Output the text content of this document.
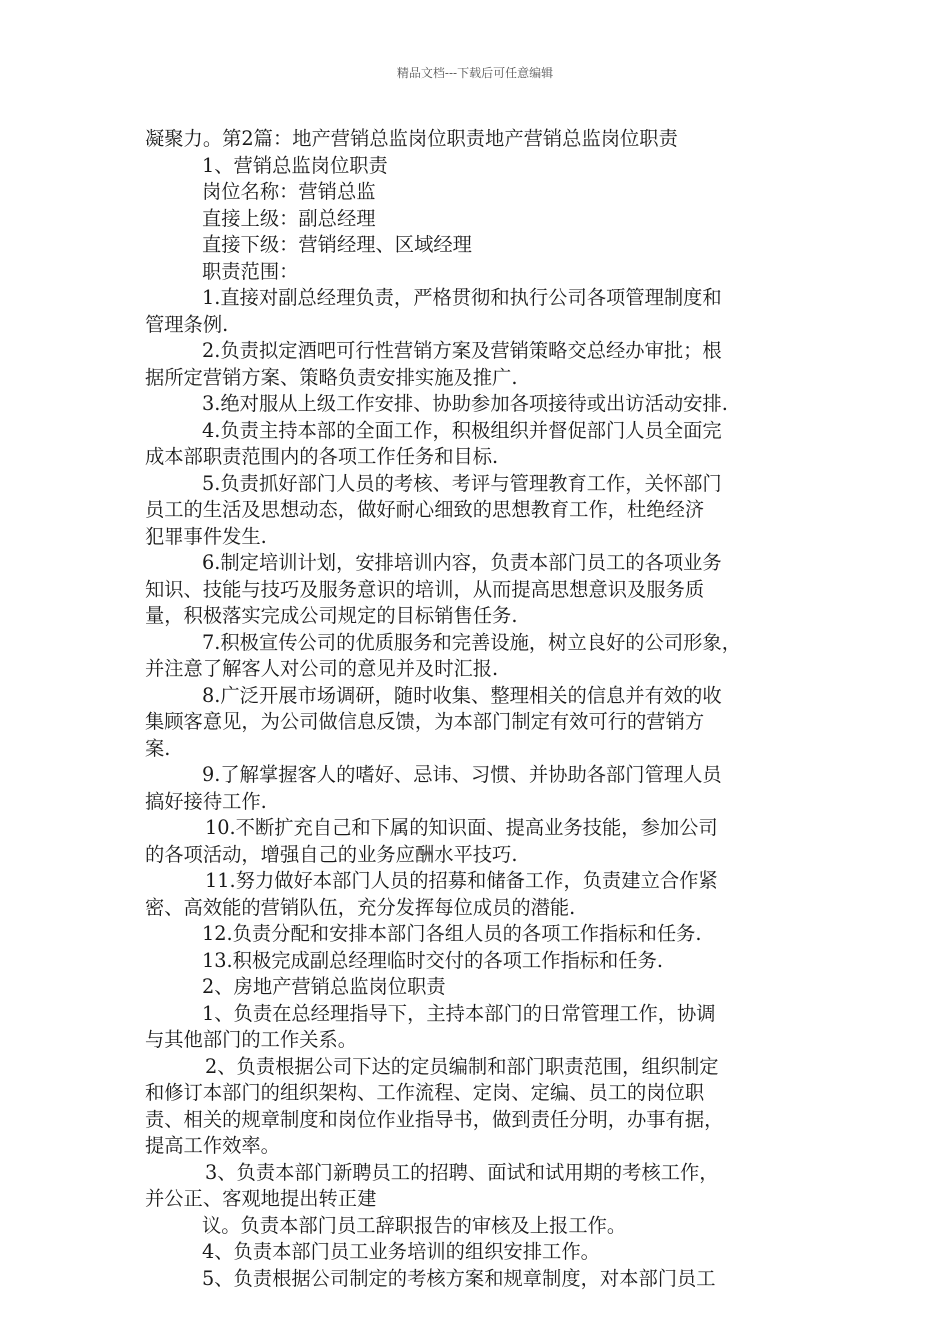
精品文档---下载后可任意编辑
凝聚力。第2篇：地产营销总监岗位职责地产营销总监岗位职责
1、营销总监岗位职责
岗位名称：营销总监
直接上级：副总经理
直接下级：营销经理、区域经理
职责范围：
1.直接对副总经理负责，严格贯彻和执行公司各项管理制度和
管理条例.
2.负责拟定酒吧可行性营销方案及营销策略交总经办审批；根
据所定营销方案、策略负责安排实施及推广.
3.绝对服从上级工作安排、协助参加各项接待或出访活动安排.
4.负责主持本部的全面工作，积极组织并督促部门人员全面完
成本部职责范围内的各项工作任务和目标.
5.负责抓好部门人员的考核、考评与管理教育工作，关怀部门
员工的生活及思想动态，做好耐心细致的思想教育工作，杜绝经济
犯罪事件发生.
6.制定培训计划，安排培训内容，负责本部门员工的各项业务
知识、技能与技巧及服务意识的培训，从而提高思想意识及服务质
量，积极落实完成公司规定的目标销售任务.
7.积极宣传公司的优质服务和完善设施，树立良好的公司形象，
并注意了解客人对公司的意见并及时汇报.
8.广泛开展市场调研，随时收集、整理相关的信息并有效的收
集顾客意见，为公司做信息反馈，为本部门制定有效可行的营销方
案.
9.了解掌握客人的嗜好、忌讳、习惯、并协助各部门管理人员
搞好接待工作.
10.不断扩充自己和下属的知识面、提高业务技能，参加公司
的各项活动，增强自己的业务应酬水平技巧.
11.努力做好本部门人员的招募和储备工作，负责建立合作紧
密、高效能的营销队伍，充分发挥每位成员的潜能.
12.负责分配和安排本部门各组人员的各项工作指标和任务.
13.积极完成副总经理临时交付的各项工作指标和任务.
2、房地产营销总监岗位职责
1、负责在总经理指导下，主持本部门的日常管理工作，协调
与其他部门的工作关系。
2、负责根据公司下达的定员编制和部门职责范围，组织制定
和修订本部门的组织架构、工作流程、定岗、定编、员工的岗位职
责、相关的规章制度和岗位作业指导书，做到责任分明，办事有据，
提高工作效率。
3、负责本部门新聘员工的招聘、面试和试用期的考核工作，
并公正、客观地提出转正建
议。负责本部门员工辞职报告的审核及上报工作。
4、负责本部门员工业务培训的组织安排工作。
5、负责根据公司制定的考核方案和规章制度，对本部门员工
